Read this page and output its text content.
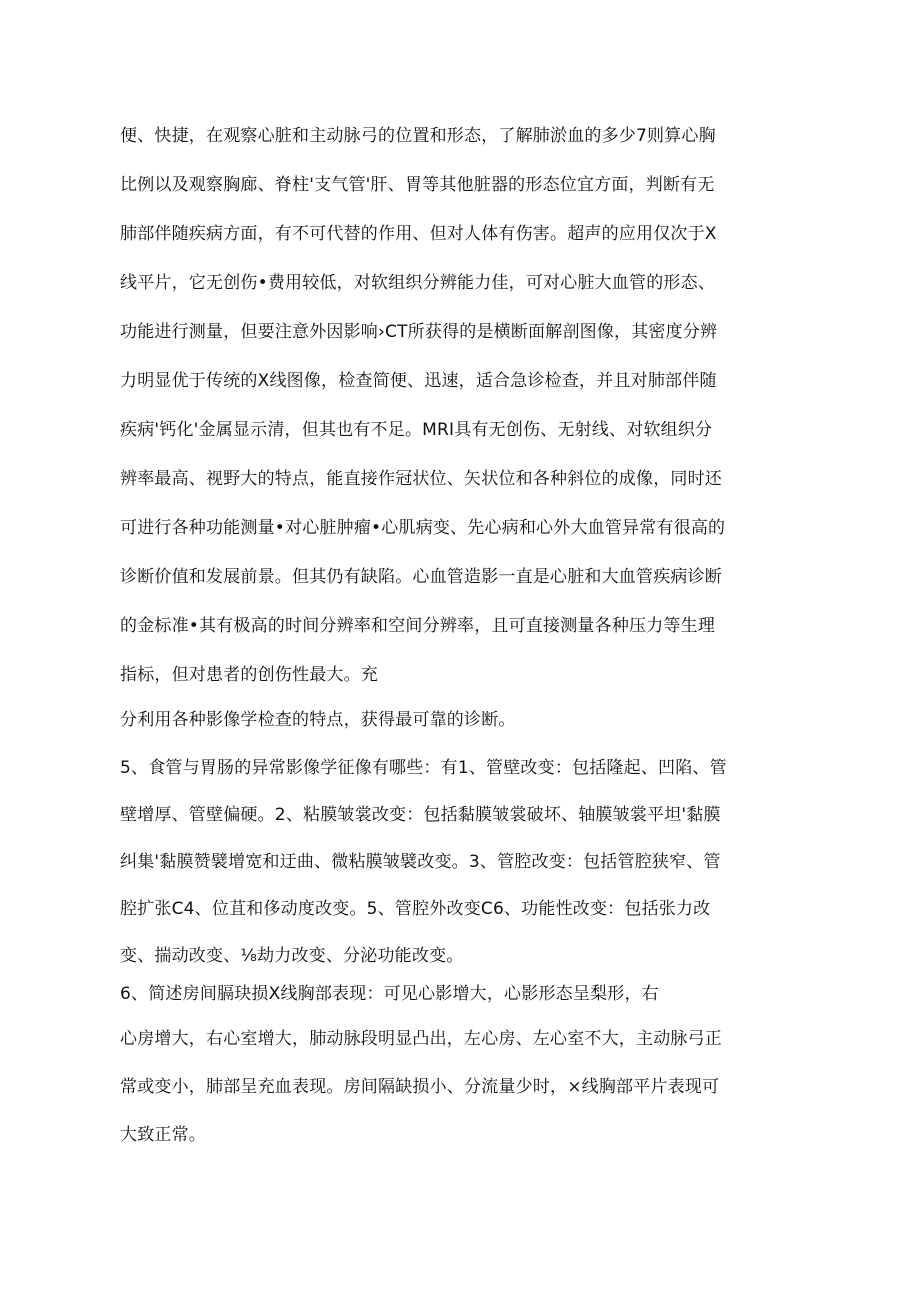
便、快捷，在观察心脏和主动脉弓的位置和形态，了解肺淤血的多少7则算心胸

比例以及观察胸廊、脊柱'支气管'肝、胃等其他脏器的形态位宜方面，判断有无

肺部伴随疾病方面，有不可代替的作用、但对人体有伤害。超声的应用仅次于X

线平片，它无创伤•费用较低，对软组织分辨能力佳，可对心脏大血管的形态、

功能进行测量，但要注意外因影响›CT所获得的是横断面解剖图像，其密度分辨

力明显优于传统的X线图像，检查简便、迅速，适合急诊检查，并且对肺部伴随

疾病'钙化'金属显示清，但其也有不足。MRI具有无创伤、无射线、对软组织分

辨率最高、视野大的特点，能直接作冠状位、矢状位和各种斜位的成像，同时还

可进行各种功能测量•对心脏肿瘤•心肌病变、先心病和心外大血管异常有很高的

诊断价值和发展前景。但其仍有缺陷。心血管造影一直是心脏和大血管疾病诊断

的金标准•其有极高的时间分辨率和空间分辨率，且可直接测量各种压力等生理

指标，但对患者的创伤性最大。充

分利用各种影像学检查的特点，获得最可靠的诊断。

5、食管与胃肠的异常影像学征像有哪些：有1、管壁改变：包括隆起、凹陷、管

壁增厚、管壁偏硬。2、粘膜皱裳改变：包括黏膜皱裳破坏、轴膜皱裳平坦'黏膜

纠集'黏膜赞襞增宽和迂曲、微粘膜皱襞改变。3、管腔改变：包括管腔狭窄、管

腔扩张C4、位苴和侈动度改变。5、管腔外改变C6、功能性改变：包括张力改

变、揣动改变、⅛劫力改变、分泌功能改变。

6、简述房间膈玦损X线胸部表现：可见心影增大，心影形态呈梨形，右

心房增大，右心室增大，肺动脉段明显凸出，左心房、左心室不大，主动脉弓正

常或变小，肺部呈充血表现。房间隔缺损小、分流量少时，×线胸部平片表现可

大致正常。
